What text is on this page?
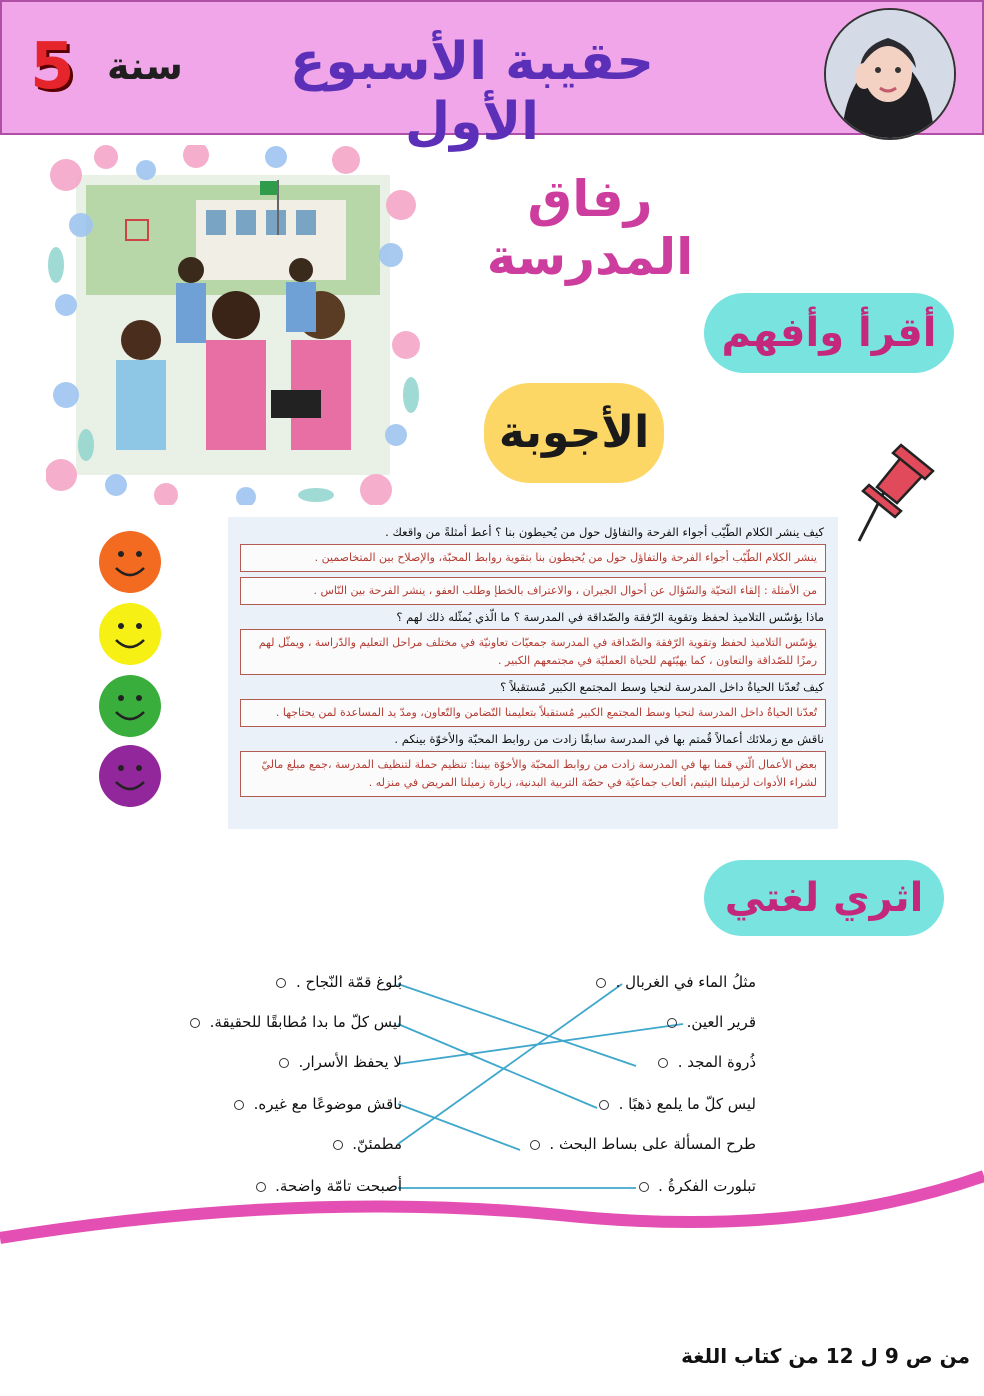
5 سنة	حقيبة الأسبوع الأول
رفاق المدرسة
أقرأ وأفهم
الأجوبة
كيف ينشر الكلام الطّيّب أجواء الفرحة والتفاؤل حول من يُحيطون بنا ؟ أعط أمثلةً من واقعك .
ينشر الكلام الطّيّب أجواء الفرحة والتفاؤل حول من يُحيطون بنا بتقوية روابط المحبّة، والإصلاح بين المتخاصمين .
من الأمثلة : إلقاء التحيّة والسّؤال عن أحوال الجيران ، والاعتراف بالخطإ وطلب العفو ، ينشر الفرحة بين النّاس .
ماذا يؤسّس التلاميذ لحفظ وتقوية الرّفقة والصّداقة في المدرسة ؟ ما الّذي يُمثّله ذلك لهم ؟
يؤسّس التلاميذ لحفظ وتقوية الرّفقة والصّداقة في المدرسة جمعيّات تعاونيّة في مختلف مراحل التعليم والدّراسة ، ويمثّل لهم رمزًا للصّداقة والتعاون ، كما يهيّئهم للحياة العمليّة في مجتمعهم الكبير .
كيف تُعدّنا الحياةُ داخل المدرسة لنحيا وسط المجتمع الكبير مُستقبلاً ؟
تُعدّنا الحياةُ داخل المدرسة لنحيا وسط المجتمع الكبير مُستقبلاً بتعليمنا التّضامن والتّعاون، ومدّ يد المساعدة لمن يحتاجها .
ناقش مع زملائك أعمالاً قُمتم بها في المدرسة سابقًا زادت من روابط المحبّة والأخوّة بينكم .
بعض الأعمال الّتي قمنا بها في المدرسة زادت من روابط المحبّة والأخوّة بيننا: تنظيم حملة لتنظيف المدرسة ،جمع مبلغ ماليّ لشراء الأدوات لزميلنا اليتيم، ألعاب جماعيّة في حصّة التربية البدنية، زيارة زميلنا المريض في منزله .
اثري لغتي
مثلُ الماء في الغربال .
قرير العين.
ذُروة المجد .
ليس كلّ ما يلمع ذهبًا .
طرح المسألة على بساط البحث .
تبلورت الفكرةُ .
بُلوغ قمّة النّجاح .
ليس كلّ ما بدا مُطابقًا للحقيقة.
لا يحفظ الأسرار.
ناقش موضوعًا مع غيره.
مطمئنّ.
أصبحت تامّة واضحة.
من ص 9 ل 12 من كتاب اللغة
